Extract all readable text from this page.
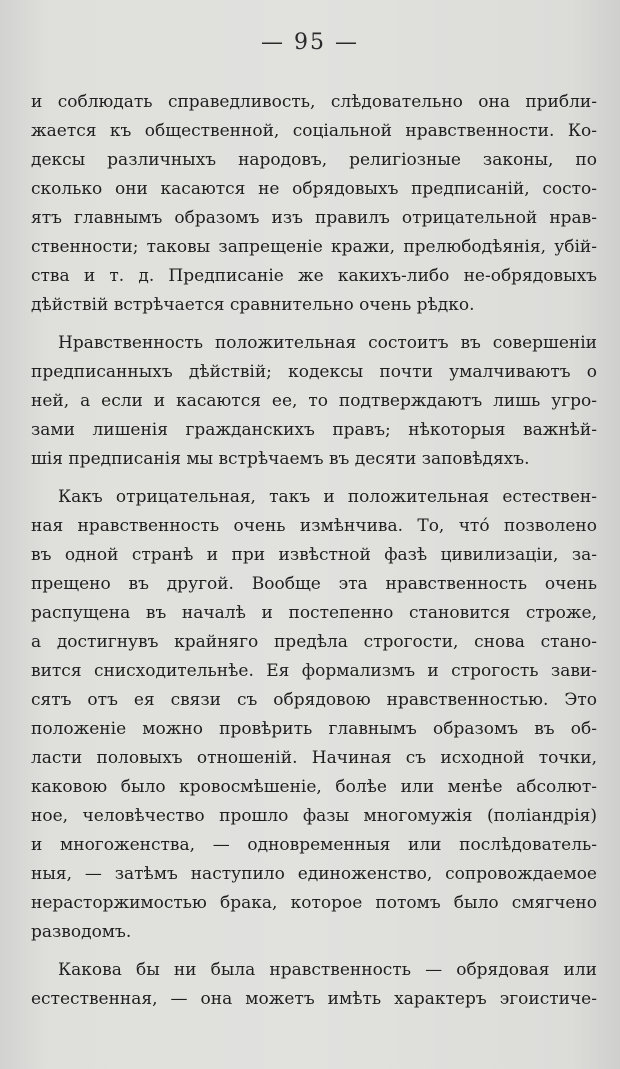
— 95 —
и соблюдать справедливость, слѣдовательно она прибли-
жается къ общественной, соціальной нравственности. Ко-
дексы различныхъ народовъ, религіозные законы, по
сколько они касаются не обрядовыхъ предписаній, состо-
ятъ главнымъ образомъ изъ правилъ отрицательной нрав-
ственности; таковы запрещеніе кражи, прелюбодѣянія, убій-
ства и т. д. Предписаніе же какихъ-либо не-обрядовыхъ
дѣйствій встрѣчается сравнительно очень рѣдко.
Нравственность положительная состоитъ въ совершеніи
предписанныхъ дѣйствій; кодексы почти умалчиваютъ о
ней, а если и касаются ее, то подтверждаютъ лишь угро-
зами лишенія гражданскихъ правъ; нѣкоторыя важнѣй-
шія предписанія мы встрѣчаемъ въ десяти заповѣдяхъ.
Какъ отрицательная, такъ и положительная естествен-
ная нравственность очень измѣнчива. То, что́ позволено
въ одной странѣ и при извѣстной фазѣ цивилизаціи, за-
прещено въ другой. Вообще эта нравственность очень
распущена въ началѣ и постепенно становится строже,
а достигнувъ крайняго предѣла строгости, снова стано-
вится снисходительнѣе. Ея формализмъ и строгость зави-
сятъ отъ ея связи съ обрядовою нравственностью. Это
положеніе можно провѣрить главнымъ образомъ въ об-
ласти половыхъ отношеній. Начиная съ исходной точки,
каковою было кровосмѣшеніе, болѣе или менѣе абсолют-
ное, человѣчество прошло фазы многомужія (поліандрія)
и многоженства, — одновременныя или послѣдователь-
ныя, — затѣмъ наступило единоженство, сопровождаемое
нерасторжимостью брака, которое потомъ было смягчено
разводомъ.
Какова бы ни была нравственность — обрядовая или
естественная, — она можетъ имѣть характеръ эгоистиче-
